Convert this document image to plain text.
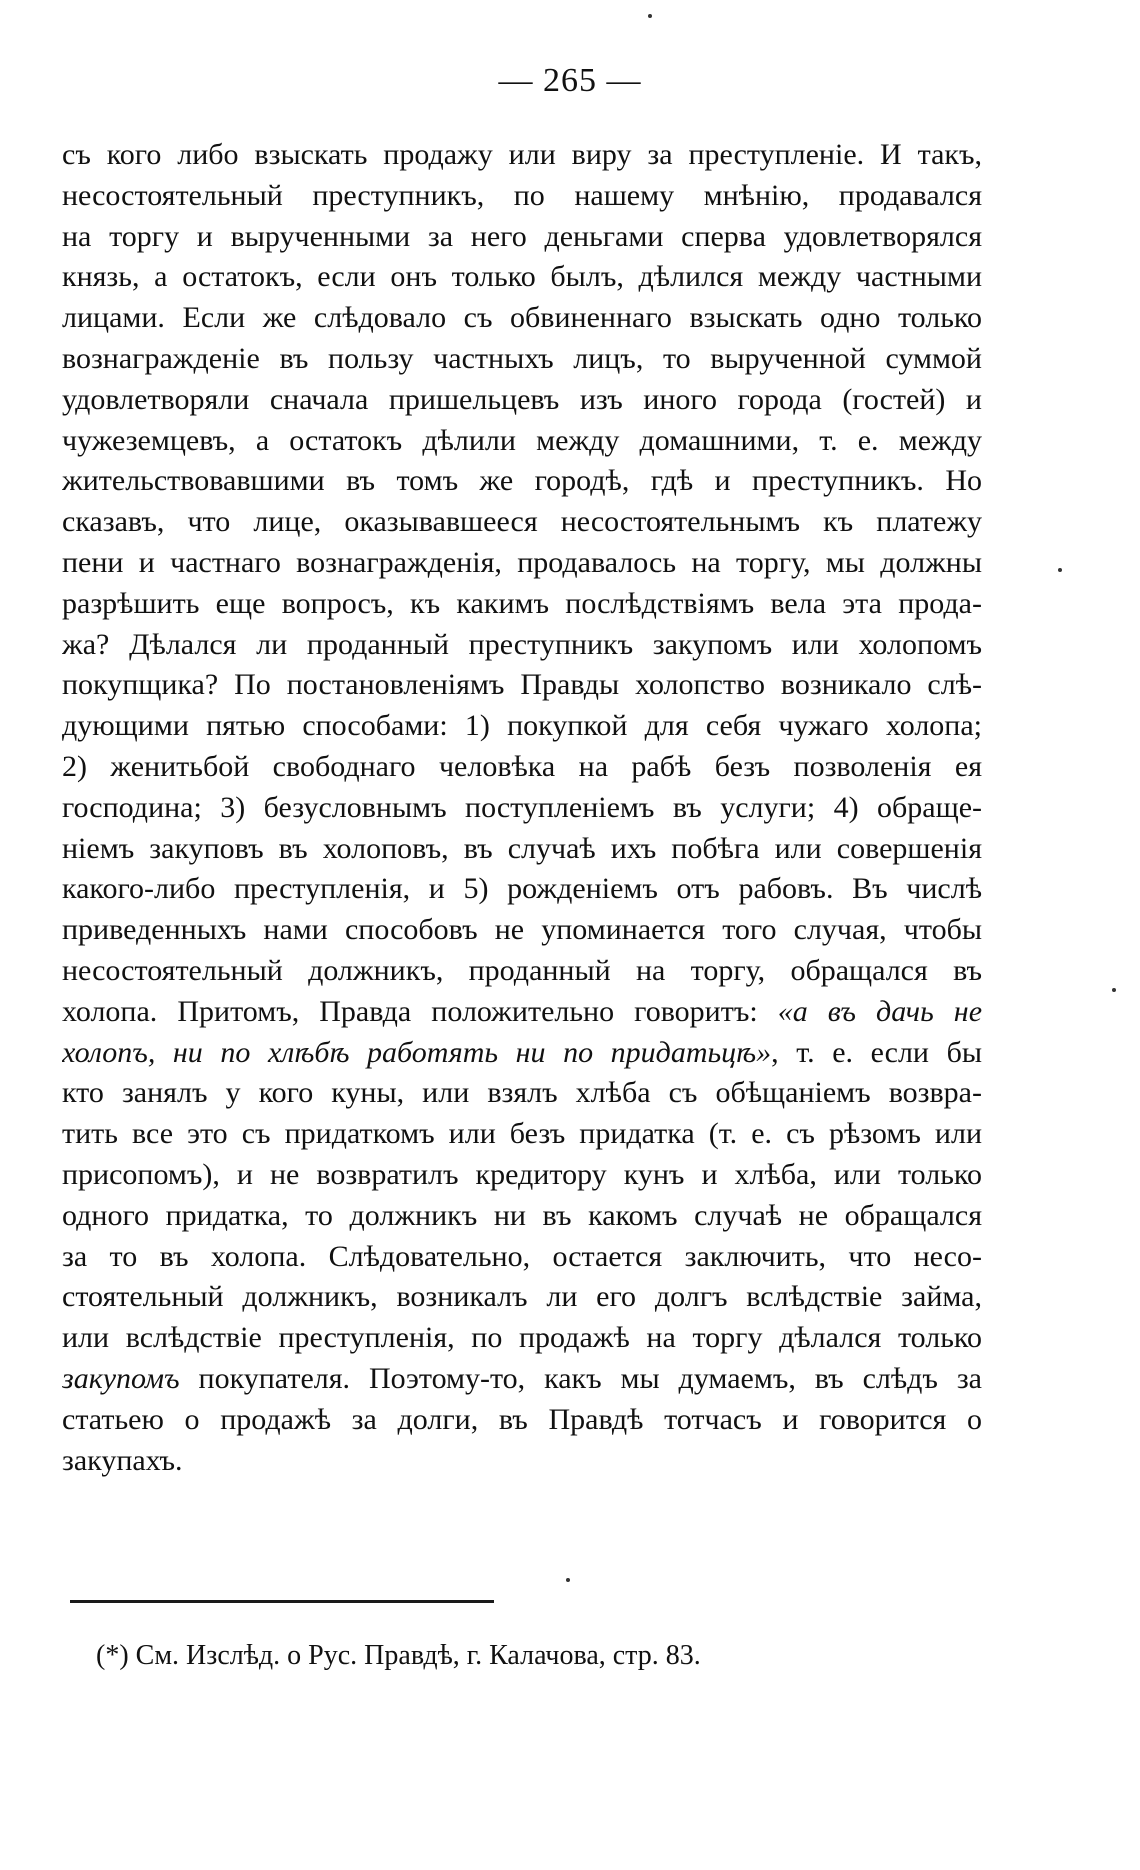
— 265 —
съ кого либо взыскать продажу или виру за преступленіе. И такъ,
несостоятельный преступникъ, по нашему мнѣнію, продавался
на торгу и вырученными за него деньгами сперва удовлетворялся
князь, а остатокъ, если онъ только былъ, дѣлился между частными
лицами. Если же слѣдовало съ обвиненнаго взыскать одно только
вознагражденіе въ пользу частныхъ лицъ, то вырученной суммой
удовлетворяли сначала пришельцевъ изъ иного города (гостей) и
чужеземцевъ, а остатокъ дѣлили между домашними, т. е. между
жительствовавшими въ томъ же городѣ, гдѣ и преступникъ. Но
сказавъ, что лице, оказывавшееся несостоятельнымъ къ платежу
пени и частнаго вознагражденія, продавалось на торгу, мы должны
разрѣшить еще вопросъ, къ какимъ послѣдствіямъ вела эта прода-
жа? Дѣлался ли проданный преступникъ закупомъ или холопомъ
покупщика? По постановленіямъ Правды холопство возникало слѣ-
дующими пятью способами: 1) покупкой для себя чужаго холопа;
2) женитьбой свободнаго человѣка на рабѣ безъ позволенія ея
господина; 3) безусловнымъ поступленіемъ въ услуги; 4) обраще-
ніемъ закуповъ въ холоповъ, въ случаѣ ихъ побѣга или совершенія
какого-либо преступленія, и 5) рожденіемъ отъ рабовъ. Въ числѣ
приведенныхъ нами способовъ не упоминается того случая, чтобы
несостоятельный должникъ, проданный на торгу, обращался въ
холопа. Притомъ, Правда положительно говоритъ: «а въ дачь не
холопъ, ни по хлѣбѣ работять ни по придатьцѣ», т. е. если бы
кто занялъ у кого куны, или взялъ хлѣба съ обѣщаніемъ возвра-
тить все это съ придаткомъ или безъ придатка (т. е. съ рѣзомъ или
присопомъ), и не возвратилъ кредитору кунъ и хлѣба, или только
одного придатка, то должникъ ни въ какомъ случаѣ не обращался
за то въ холопа. Слѣдовательно, остается заключить, что несо-
стоятельный должникъ, возникалъ ли его долгъ вслѣдствіе займа,
или вслѣдствіе преступленія, по продажѣ на торгу дѣлался только
закупомъ покупателя. Поэтому-то, какъ мы думаемъ, въ слѣдъ за
статьею о продажѣ за долги, въ Правдѣ тотчасъ и говорится о
закупахъ.
(*) См. Изслѣд. о Рус. Правдѣ, г. Калачова, стр. 83.
